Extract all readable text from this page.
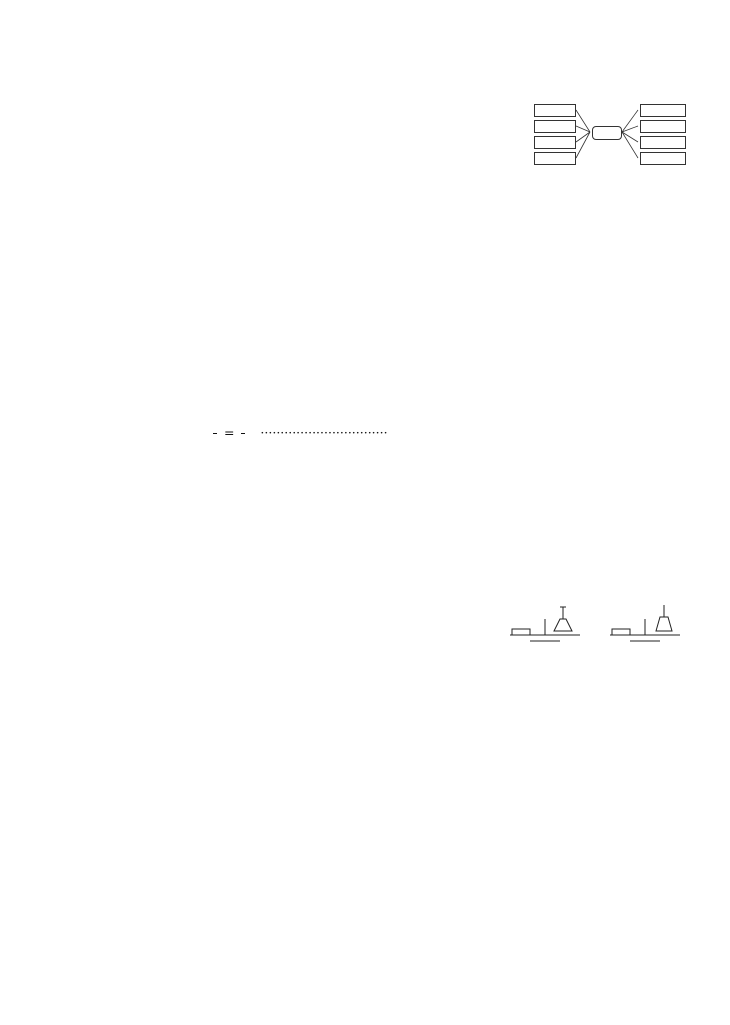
=
································
